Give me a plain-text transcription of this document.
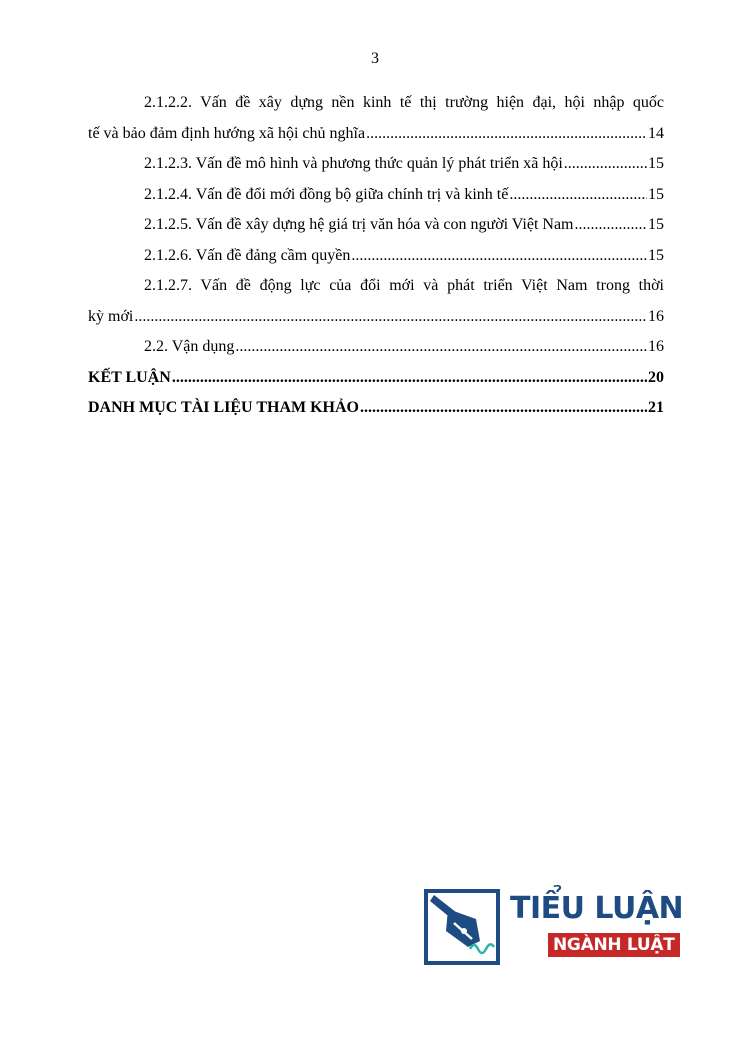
3
2.1.2.2. Vấn đề xây dựng nền kinh tế thị trường hiện đại, hội nhập quốc
tế và bảo đảm định hướng xã hội chủ nghĩa .....	14
2.1.2.3. Vấn đề mô hình và phương thức quản lý phát triển xã hội .....	15
2.1.2.4. Vấn đề đổi mới đồng bộ giữa chính trị và kinh tế .....	15
2.1.2.5. Vấn đề xây dựng hệ giá trị văn hóa và con người Việt Nam .....	15
2.1.2.6. Vấn đề đảng cầm quyền .....	15
2.1.2.7. Vấn đề động lực của đổi mới và phát triển Việt Nam trong thời
kỳ mới .....	16
2.2. Vận dụng .....	16
KẾT LUẬN .....	20
DANH MỤC TÀI LIỆU THAM KHẢO .....	21
TIỂU LUẬN
NGÀNH LUẬT
